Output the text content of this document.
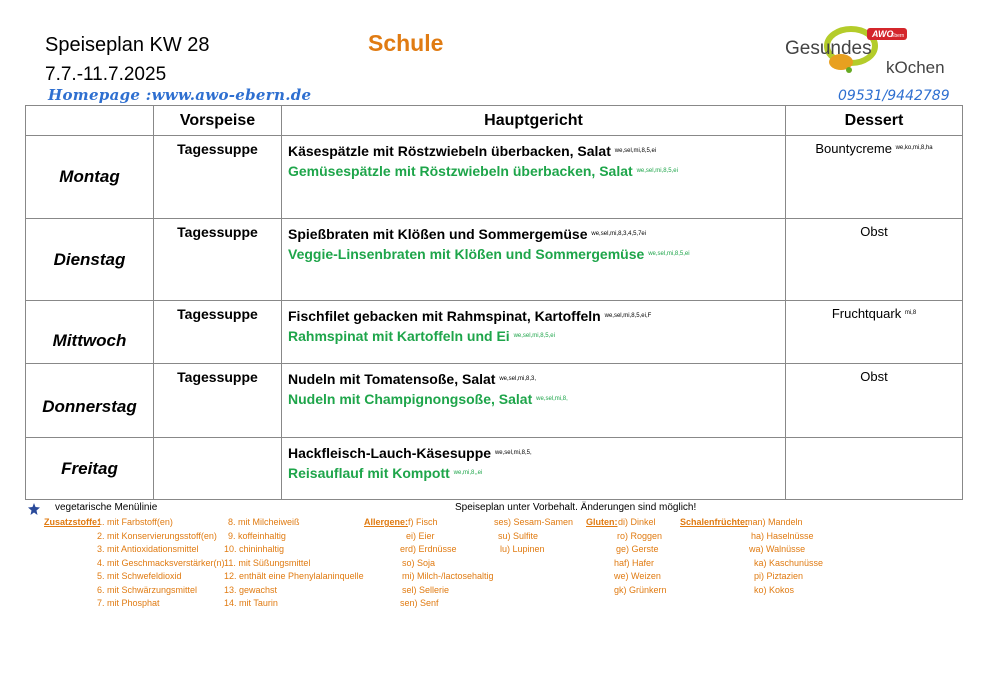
Speiseplan KW 28
7.7.-11.7.2025
Homepage :www.awo-ebern.de
Schule
09531/9442789
AWO
Ebern
Gesundes
kOchen
	Vorspeise	Hauptgericht	Dessert
Montag	Tagessuppe	Käsespätzle mit Röstzwiebeln überbacken, Salat $^{we,sel,mi,8,5,ei}$
Gemüsespätzle mit Röstzwiebeln überbacken, Salat $^{we,sel,mi,8,5,ei}$	Bountycreme $^{we,ko,mi,8,ha}$
Dienstag	Tagessuppe	Spießbraten mit Klößen und Sommergemüse $^{we,sel,mi,8,3,4,5,7ei}$
Veggie-Linsenbraten mit Klößen und Sommergemüse $^{we,sel,mi,8,5,ei}$	Obst
Mittwoch	Tagessuppe	Fischfilet gebacken mit Rahmspinat, Kartoffeln $^{we,sel,mi,8,5,ei,F}$
Rahmspinat mit Kartoffeln und Ei $^{we,sel,mi,8,5,ei}$	Fruchtquark $^{mi,8}$
Donnerstag	Tagessuppe	Nudeln mit Tomatensoße, Salat $^{we,sel,mi,8,3,}$
Nudeln mit Champignongsoße, Salat $^{we,sel,mi,8,}$	Obst
Freitag		Hackfleisch-Lauch-Käsesuppe $^{we,sel,mi,8,5,}$
Reisauflauf mit Kompott $^{we,mi,8,,ei}$

vegetarische Menülinie	Speiseplan unter Vorbehalt. Änderungen sind möglich!
Zusatzstoffe:
1. mit Farbstoff(en)
2. mit Konservierungsstoff(en)
3. mit Antioxidationsmittel
4. mit Geschmacksverstärker(n)
5. mit Schwefeldioxid
6. mit Schwärzungsmittel
7. mit Phosphat
8. mit Milcheiweiß
9. koffeinhaltig
10. chininhaltig
11. mit Süßungsmittel
12. enthält eine Phenylalaninquelle
13. gewachst
14. mit Taurin
Allergene: f) Fisch
ei) Eier
erd) Erdnüsse
so) Soja
mi) Milch-/lactosehaltig
sel) Sellerie
sen) Senf
ses) Sesam-Samen
su) Sulfite
lu) Lupinen
Gluten: di) Dinkel
ro) Roggen
ge) Gerste
haf) Hafer
we) Weizen
gk) Grünkern
Schalenfrüchte:
man) Mandeln
ha) Haselnüsse
wa) Walnüsse
ka) Kaschunüsse
pi) Piztazien
ko) Kokos
